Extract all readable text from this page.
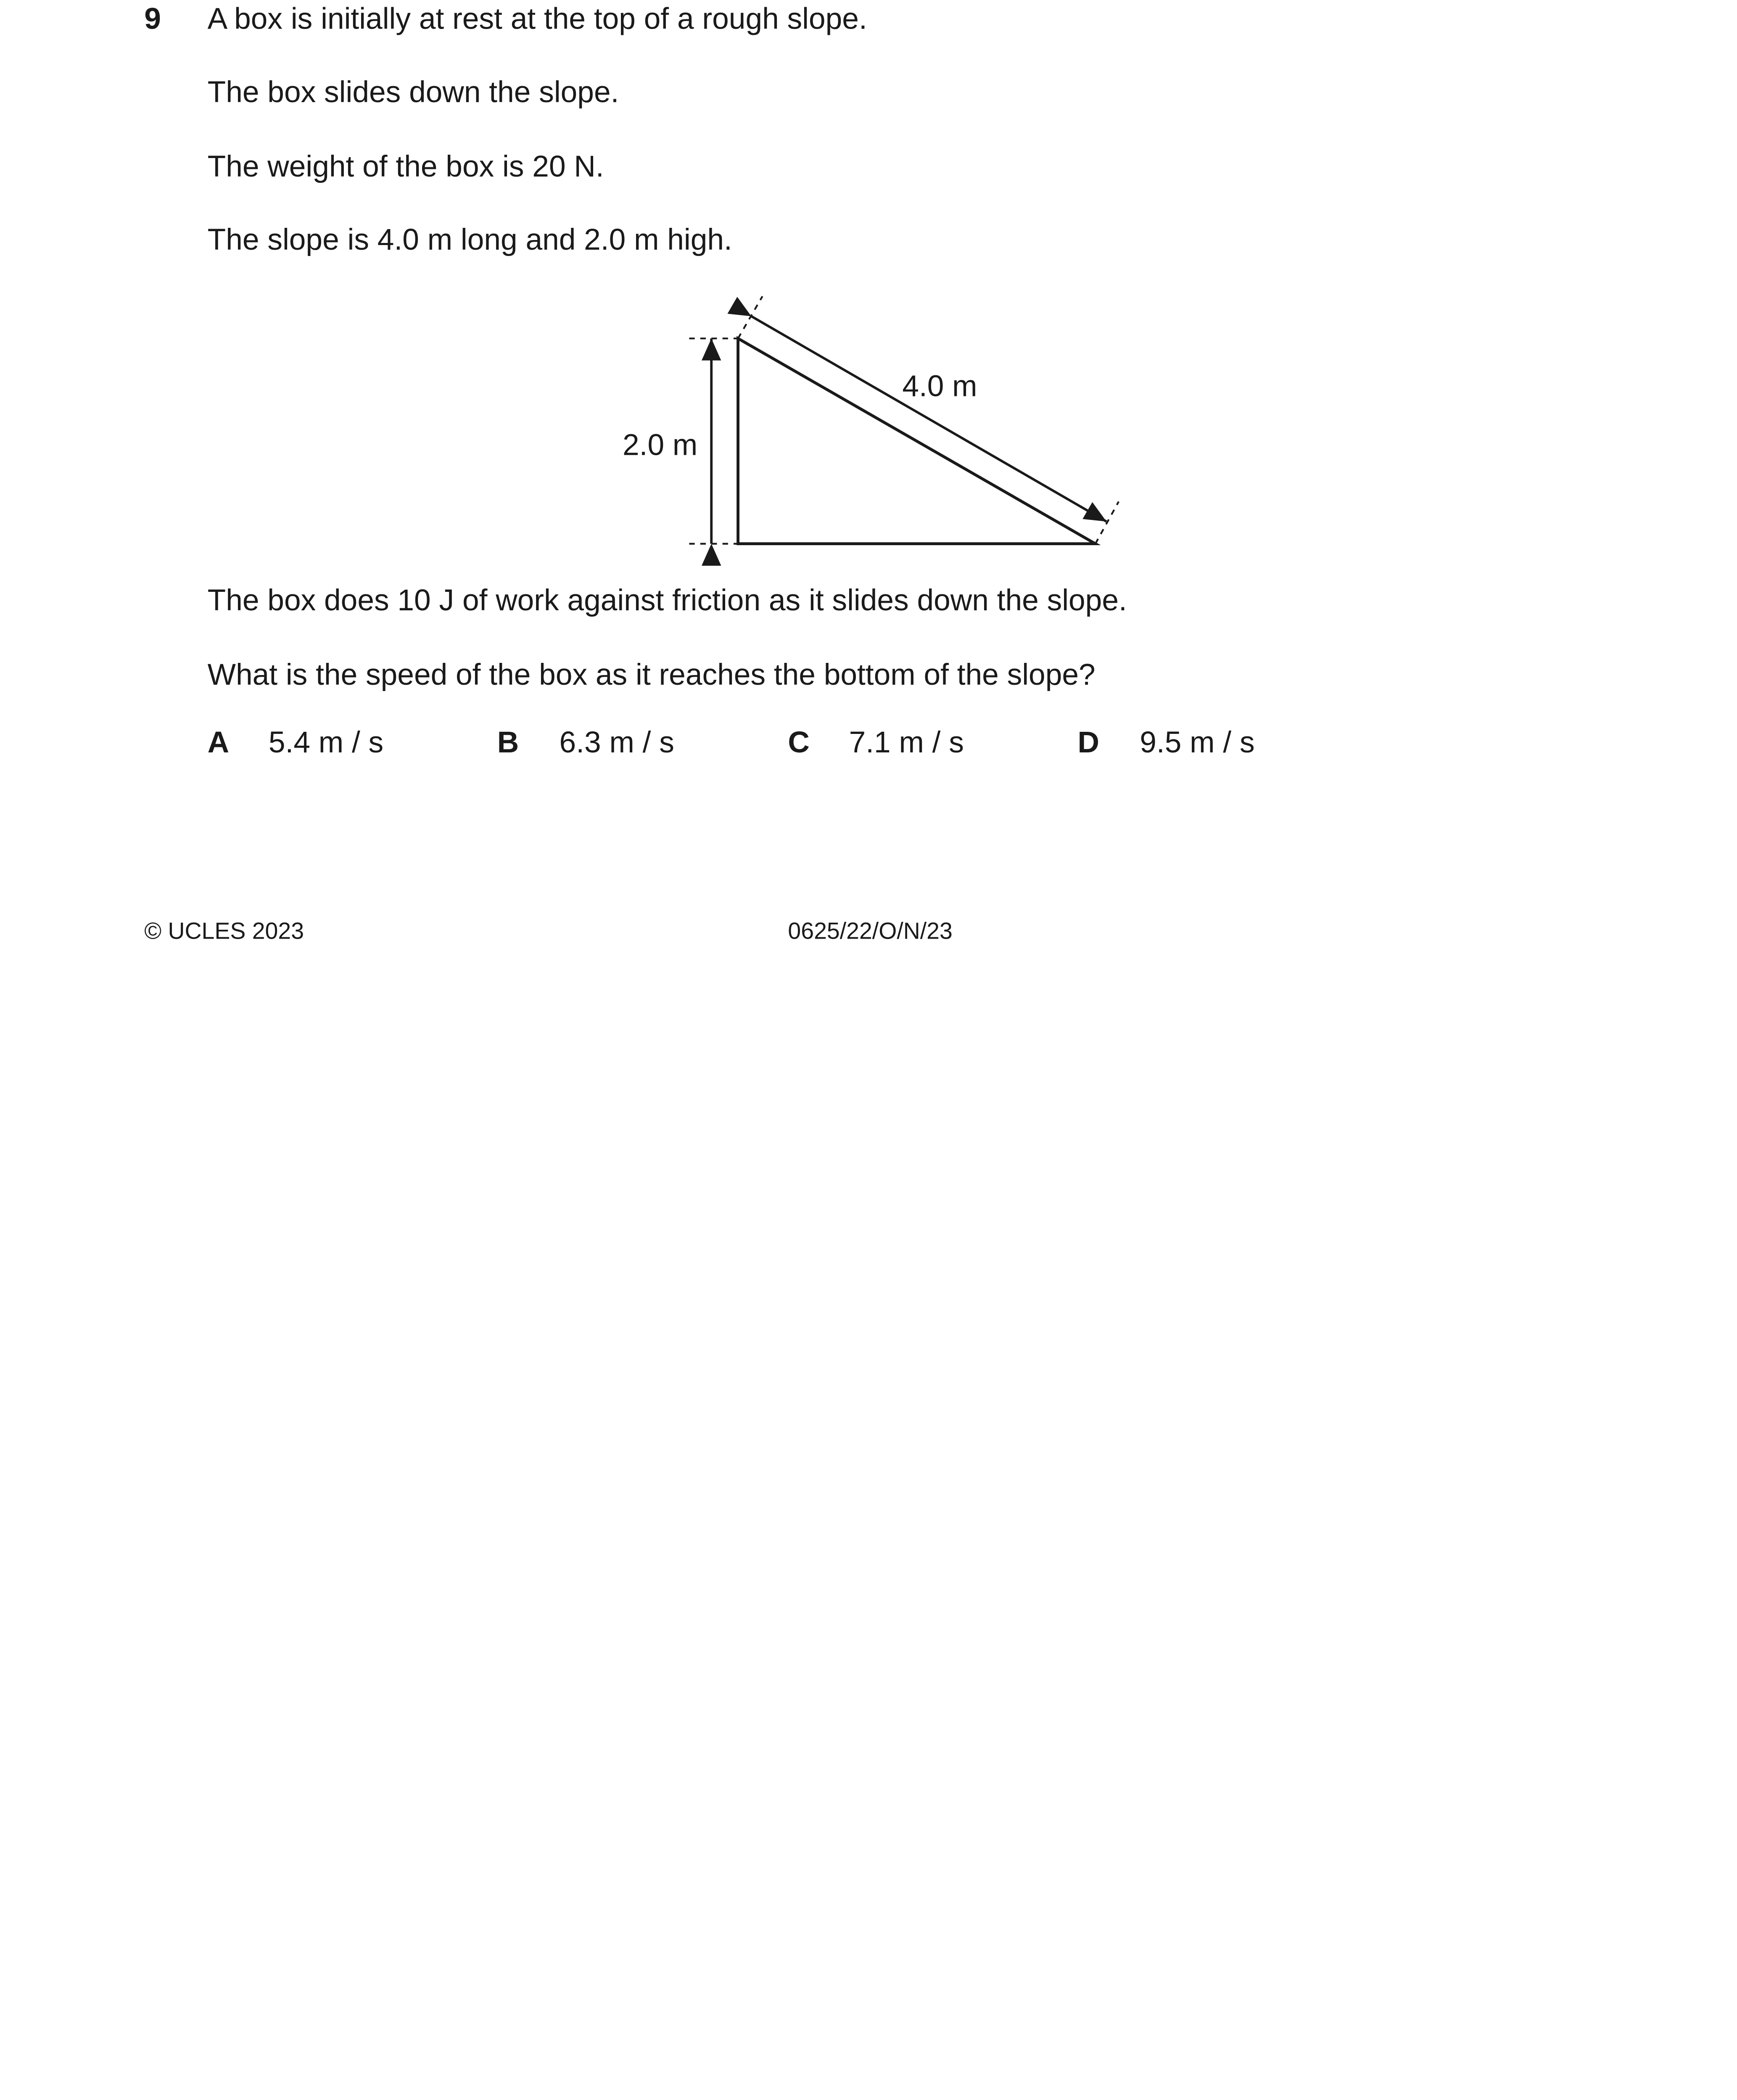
9	A box is initially at rest at the top of a rough slope.
The box slides down the slope.
The weight of the box is 20 N.
The slope is 4.0 m long and 2.0 m high.
2.0 m
4.0 m
The box does 10 J of work against friction as it slides down the slope.
What is the speed of the box as it reaches the bottom of the slope?
A	5.4 m / s	B	6.3 m / s	C	7.1 m / s	D	9.5 m / s
© UCLES 2023	0625/22/O/N/23
